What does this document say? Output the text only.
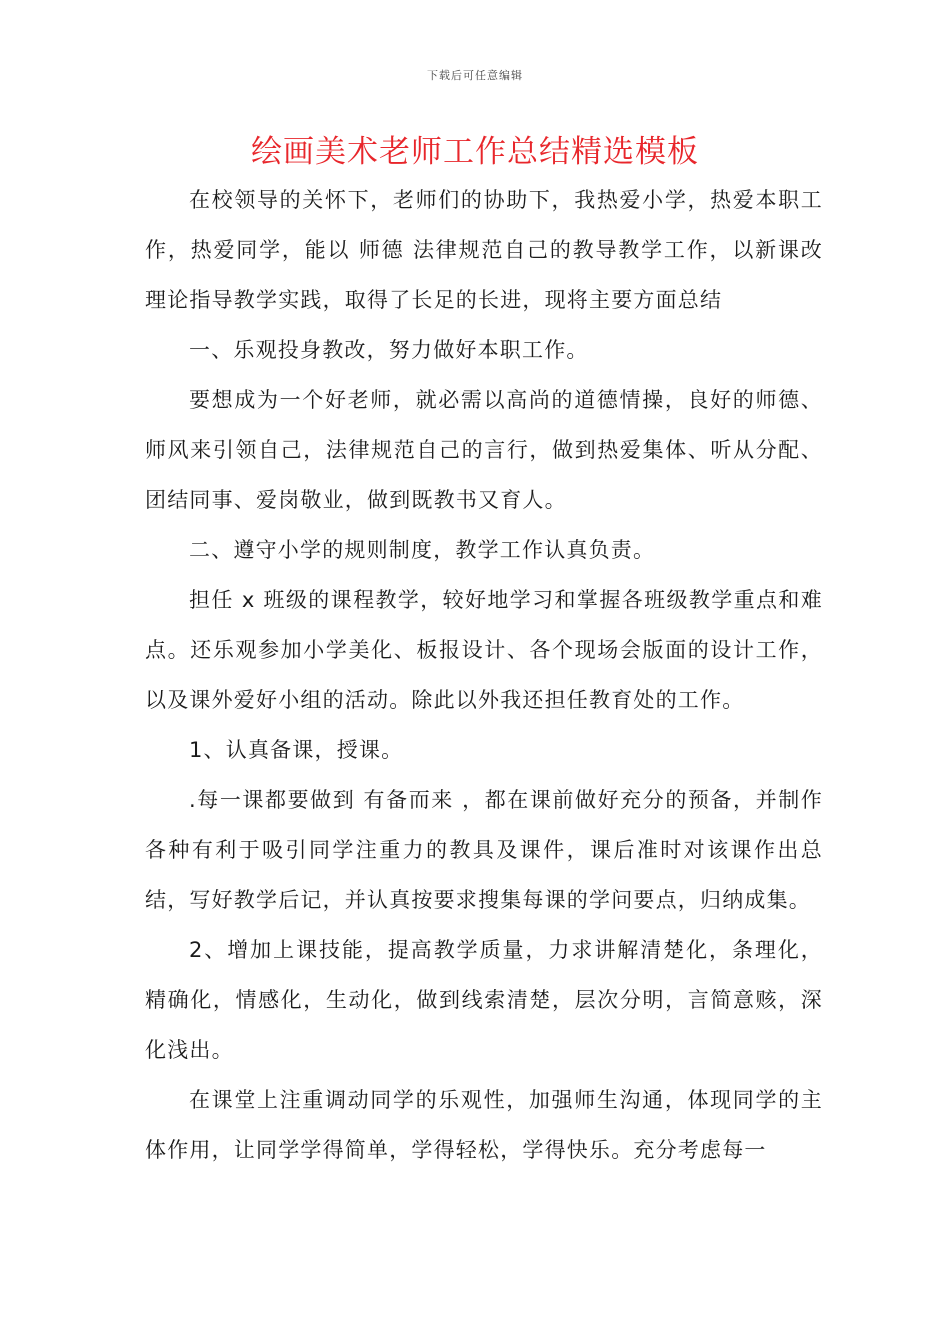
下载后可任意编辑
绘画美术老师工作总结精选模板

在校领导的关怀下，老师们的协助下，我热爱小学，热爱本职工作，热爱同学，能以 师德 法律规范自己的教导教学工作，以新课改理论指导教学实践，取得了长足的长进，现将主要方面总结

一、乐观投身教改，努力做好本职工作。

要想成为一个好老师，就必需以高尚的道德情操，良好的师德、师风来引领自己，法律规范自己的言行，做到热爱集体、听从分配、团结同事、爱岗敬业，做到既教书又育人。

二、遵守小学的规则制度，教学工作认真负责。

担任 x 班级的课程教学，较好地学习和掌握各班级教学重点和难点。还乐观参加小学美化、板报设计、各个现场会版面的设计工作，以及课外爱好小组的活动。除此以外我还担任教育处的工作。

1、认真备课，授课。

.每一课都要做到 有备而来 ，都在课前做好充分的预备，并制作各种有利于吸引同学注重力的教具及课件，课后准时对该课作出总结，写好教学后记，并认真按要求搜集每课的学问要点，归纳成集。

2、增加上课技能，提高教学质量，力求讲解清楚化，条理化，精确化，情感化，生动化，做到线索清楚，层次分明，言简意赅，深化浅出。

在课堂上注重调动同学的乐观性，加强师生沟通，体现同学的主体作用，让同学学得简单，学得轻松，学得快乐。充分考虑每一
